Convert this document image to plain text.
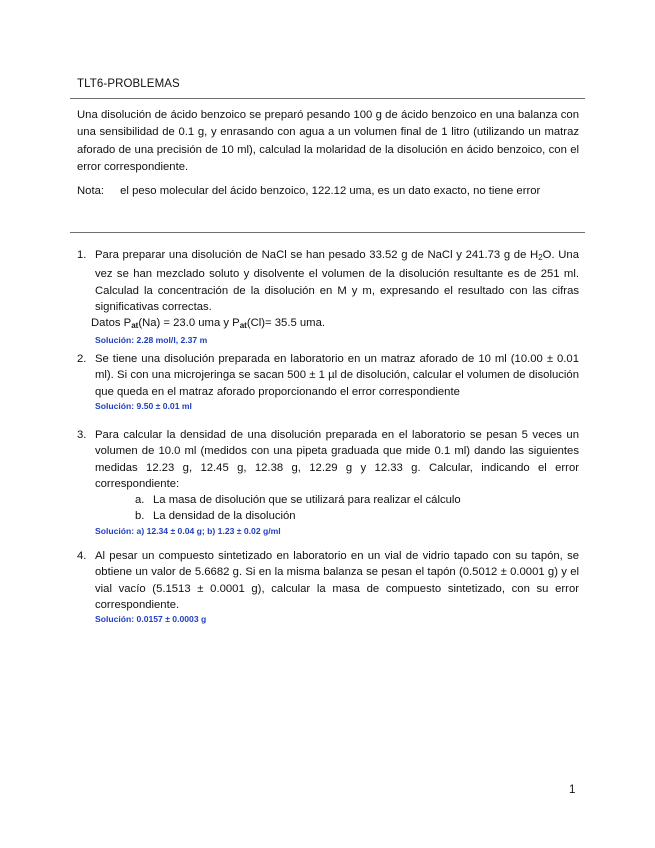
TLT6-PROBLEMAS
Una disolución de ácido benzoico se preparó pesando 100 g de ácido benzoico en una balanza con una sensibilidad de 0.1 g, y enrasando con agua a un volumen final de 1 litro (utilizando un matraz aforado de una precisión de 10 ml), calculad la molaridad de la disolución en ácido benzoico, con el error correspondiente.
Nota: el peso molecular del ácido benzoico, 122.12 uma, es un dato exacto, no tiene error
1. Para preparar una disolución de NaCl se han pesado 33.52 g de NaCl y 241.73 g de H2O. Una vez se han mezclado soluto y disolvente el volumen de la disolución resultante es de 251 ml. Calculad la concentración de la disolución en M y m, expresando el resultado con las cifras significativas correctas.
Datos $P_{at}(Na) = 23.0$ uma y $P_{at}(Cl)= 35.5$ uma.
Solución: 2.28 mol/l, 2.37 m
2. Se tiene una disolución preparada en laboratorio en un matraz aforado de 10 ml (10.00 ± 0.01 ml). Si con una microjeringa se sacan 500 ± 1 µl de disolución, calcular el volumen de disolución que queda en el matraz aforado proporcionando el error correspondiente
Solución: 9.50 ± 0.01 ml
3. Para calcular la densidad de una disolución preparada en el laboratorio se pesan 5 veces un volumen de 10.0 ml (medidos con una pipeta graduada que mide 0.1 ml) dando las siguientes medidas 12.23 g, 12.45 g, 12.38 g, 12.29 g y 12.33 g. Calcular, indicando el error correspondiente:
a. La masa de disolución que se utilizará para realizar el cálculo
b. La densidad de la disolución
Solución: a) 12.34 ± 0.04 g; b) 1.23 ± 0.02 g/ml
4. Al pesar un compuesto sintetizado en laboratorio en un vial de vidrio tapado con su tapón, se obtiene un valor de 5.6682 g. Si en la misma balanza se pesan el tapón (0.5012 ± 0.0001 g) y el vial vacío (5.1513 ± 0.0001 g), calcular la masa de compuesto sintetizado, con su error correspondiente.
Solución: 0.0157 ± 0.0003 g
1
